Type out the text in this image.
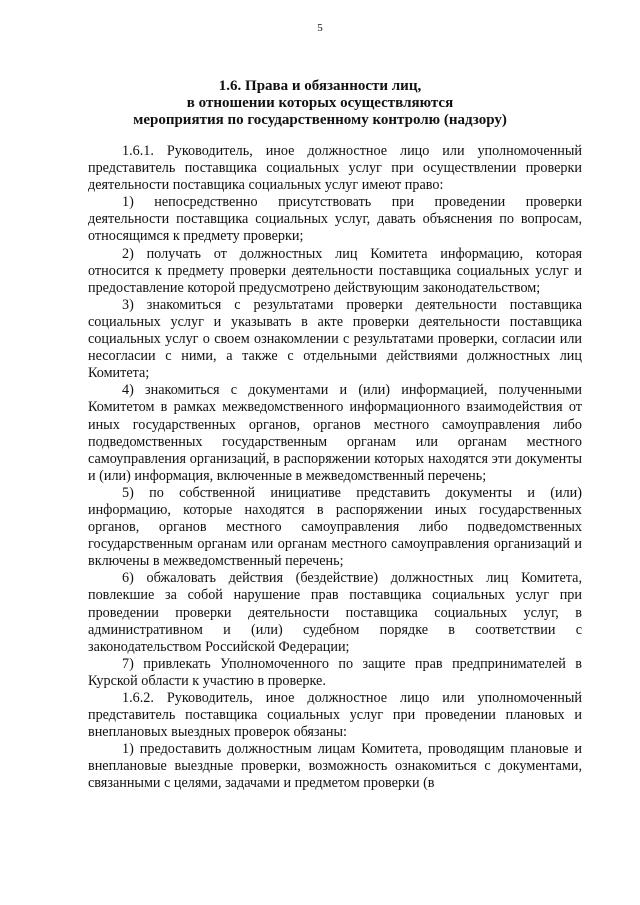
5
1.6. Права и обязанности лиц,
в отношении которых осуществляются
мероприятия по государственному контролю (надзору)

1.6.1. Руководитель, иное должностное лицо или уполномоченный представитель поставщика социальных услуг при осуществлении проверки деятельности поставщика социальных услуг имеют право:

1) непосредственно присутствовать при проведении проверки деятельности поставщика социальных услуг, давать объяснения по вопросам, относящимся к предмету проверки;

2) получать от должностных лиц Комитета информацию, которая относится к предмету проверки деятельности поставщика социальных услуг и предоставление которой предусмотрено действующим законодательством;

3) знакомиться с результатами проверки деятельности поставщика социальных услуг и указывать в акте проверки деятельности поставщика социальных услуг о своем ознакомлении с результатами проверки, согласии или несогласии с ними, а также с отдельными действиями должностных лиц Комитета;

4) знакомиться с документами и (или) информацией, полученными Комитетом в рамках межведомственного информационного взаимодействия от иных государственных органов, органов местного самоуправления либо подведомственных государственным органам или органам местного самоуправления организаций, в распоряжении которых находятся эти документы и (или) информация, включенные в межведомственный перечень;

5) по собственной инициативе представить документы и (или) информацию, которые находятся в распоряжении иных государственных органов, органов местного самоуправления либо подведомственных государственным органам или органам местного самоуправления организаций и включены в межведомственный перечень;

6) обжаловать действия (бездействие) должностных лиц Комитета, повлекшие за собой нарушение прав поставщика социальных услуг при проведении проверки деятельности поставщика социальных услуг, в административном и (или) судебном порядке в соответствии с законодательством Российской Федерации;

7) привлекать Уполномоченного по защите прав предпринимателей в Курской области к участию в проверке.

1.6.2. Руководитель, иное должностное лицо или уполномоченный представитель поставщика социальных услуг при проведении плановых и внеплановых выездных проверок обязаны:

1) предоставить должностным лицам Комитета, проводящим плановые и внеплановые выездные проверки, возможность ознакомиться с документами, связанными с целями, задачами и предметом проверки (в
